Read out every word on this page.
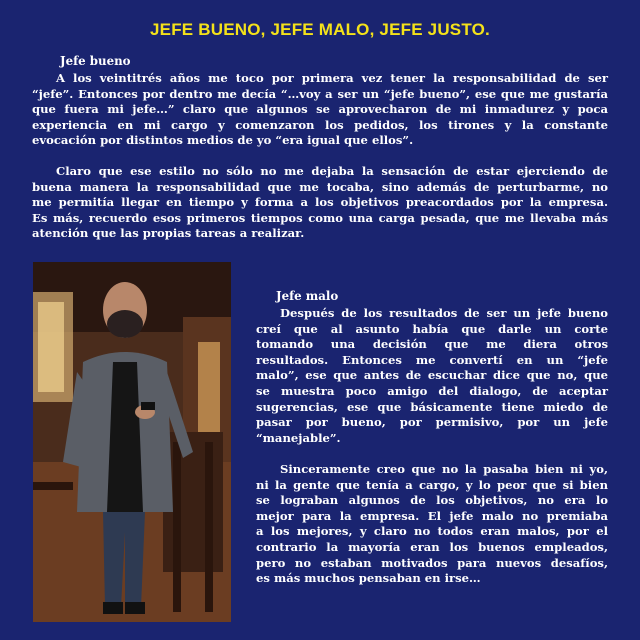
JEFE BUENO, JEFE MALO, JEFE JUSTO.
Jefe bueno
A los veintitrés años me toco por primera vez tener la responsabilidad de ser
“jefe”. Entonces por dentro me decía “…voy a ser un “jefe bueno”, ese que me gustaría
que fuera mi jefe…” claro que algunos se aprovecharon de mi inmadurez y poca
experiencia en mi cargo y comenzaron los pedidos, los tirones y la constante
evocación por distintos medios de yo “era igual que ellos”.
Claro que ese estilo no sólo no me dejaba la sensación de estar ejerciendo de
buena manera la responsabilidad que me tocaba, sino además de perturbarme, no
me permitía llegar en tiempo y forma a los objetivos preacordados por la empresa.
Es más, recuerdo esos primeros tiempos como una carga pesada, que me llevaba más
atención que las propias tareas a realizar.
Jefe malo
Después de los resultados de ser un jefe bueno
creí que al asunto había que darle un corte
tomando una decisión que me diera otros
resultados. Entonces me convertí en un “jefe
malo”, ese que antes de escuchar dice que no, que
se muestra poco amigo del dialogo, de aceptar
sugerencias, ese que básicamente tiene miedo de
pasar por bueno, por permisivo, por un jefe
“manejable”.
Sinceramente creo que no la pasaba bien ni yo,
ni la gente que tenía a cargo, y lo peor que si bien
se lograban algunos de los objetivos, no era lo
mejor para la empresa. El jefe malo no premiaba
a los mejores, y claro no todos eran malos, por el
contrario la mayoría eran los buenos empleados,
pero no estaban motivados para nuevos desafíos,
es más muchos pensaban en irse…
